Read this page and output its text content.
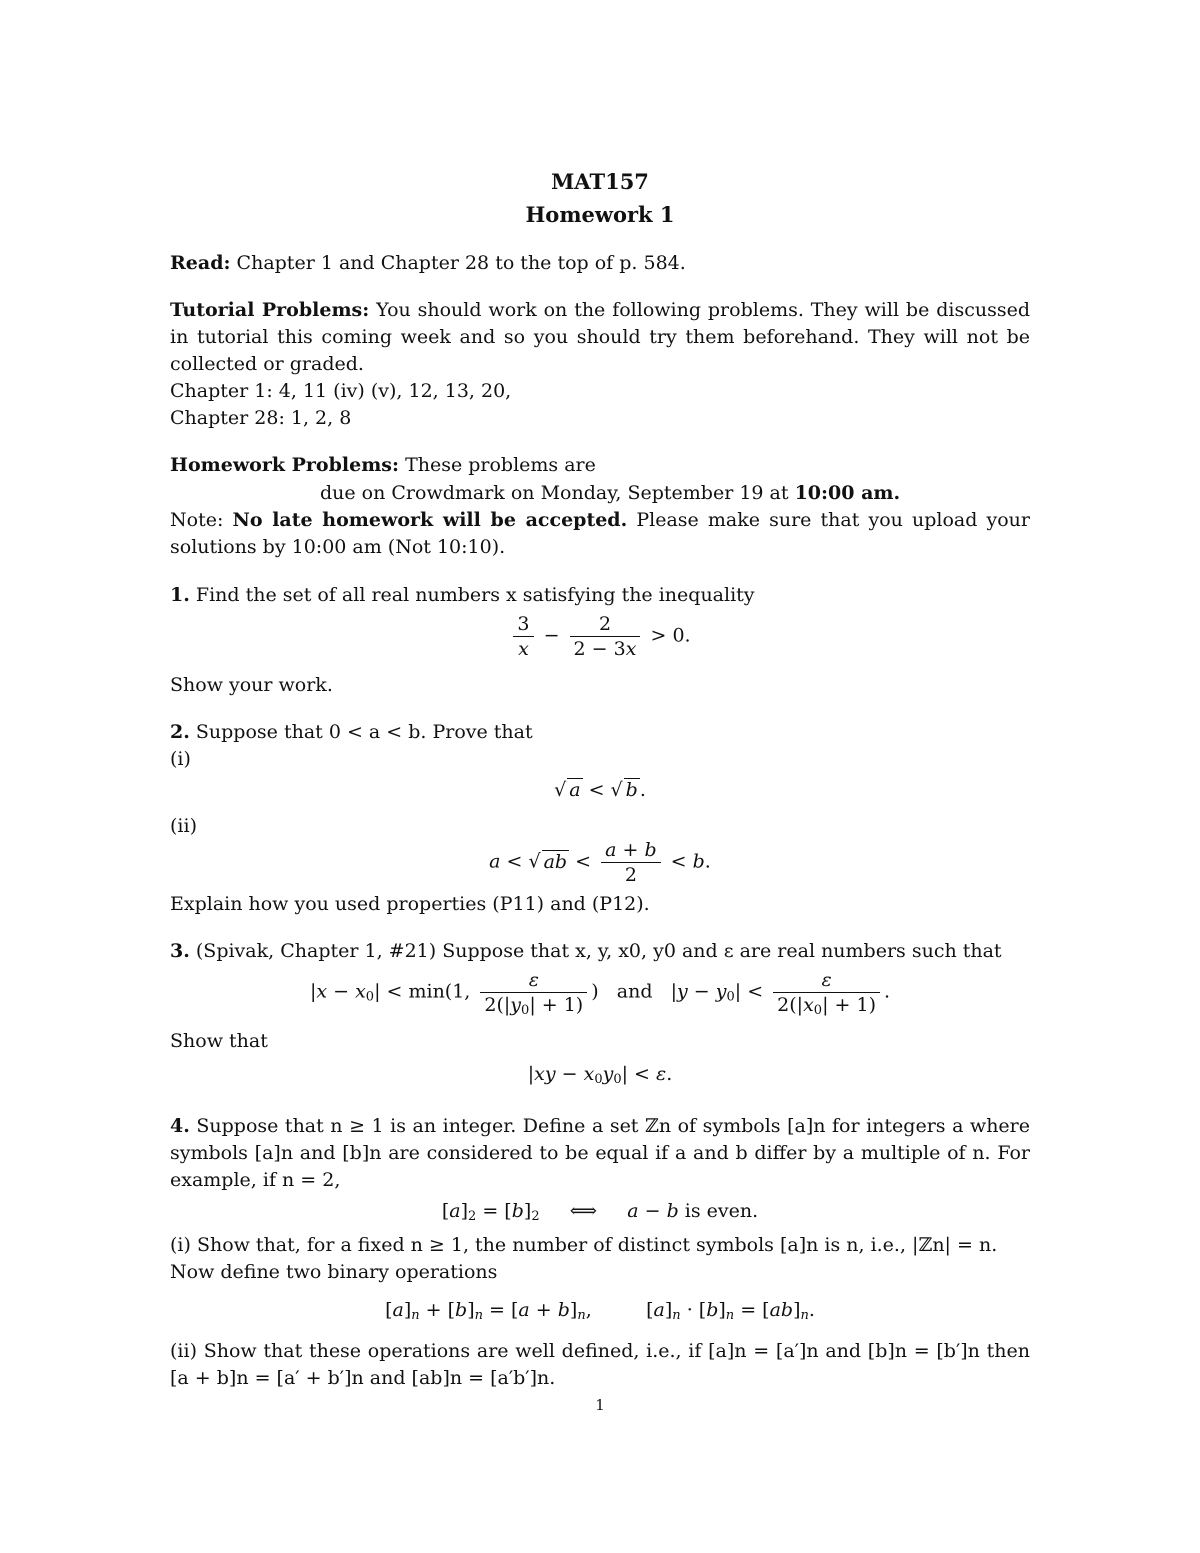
MAT157
Homework 1
Read: Chapter 1 and Chapter 28 to the top of p. 584.
Tutorial Problems: You should work on the following problems. They will be discussed in tutorial this coming week and so you should try them beforehand. They will not be collected or graded.
Chapter 1: 4, 11 (iv) (v), 12, 13, 20,
Chapter 28: 1, 2, 8
Homework Problems: These problems are
due on Crowdmark on Monday, September 19 at 10:00 am.
Note: No late homework will be accepted. Please make sure that you upload your solutions by 10:00 am (Not 10:10).
1. Find the set of all real numbers x satisfying the inequality
$\frac{3}{x} - \frac{2}{2 - 3x} > 0$.
Show your work.
2. Suppose that 0 < a < b. Prove that
(i)
√ a < √ b .
(ii)
a < √ ab < $\frac{a + b}{2} < b$.
Explain how you used properties (P11) and (P12).
3. (Spivak, Chapter 1, #21) Suppose that x, y, x0, y0 and ε are real numbers such that
$|x - x_0| < \min(1$, $\frac{\varepsilon}{2(|y_0| + 1)}$ )   and   $|y - y_0| < \frac{\varepsilon}{2(|x_0| + 1)}$ .
Show that
$|xy - x_0y_0| < \varepsilon$.
4. Suppose that n ≥ 1 is an integer. Define a set ℤn of symbols [a]n for integers a where symbols [a]n and [b]n are considered to be equal if a and b differ by a multiple of n. For example, if n = 2,
$[a]_2 = [b]_2$     ⟺     a − b is even.
(i) Show that, for a fixed n ≥ 1, the number of distinct symbols [a]n is n, i.e., |ℤn| = n.
Now define two binary operations
$[a]_n + [b]_n = [a + b]_n$,         $[a]_n \cdot [b]_n = [ab]_n$.
(ii) Show that these operations are well defined, i.e., if [a]n = [a′]n and [b]n = [b′]n then [a + b]n = [a′ + b′]n and [ab]n = [a′b′]n.
1
